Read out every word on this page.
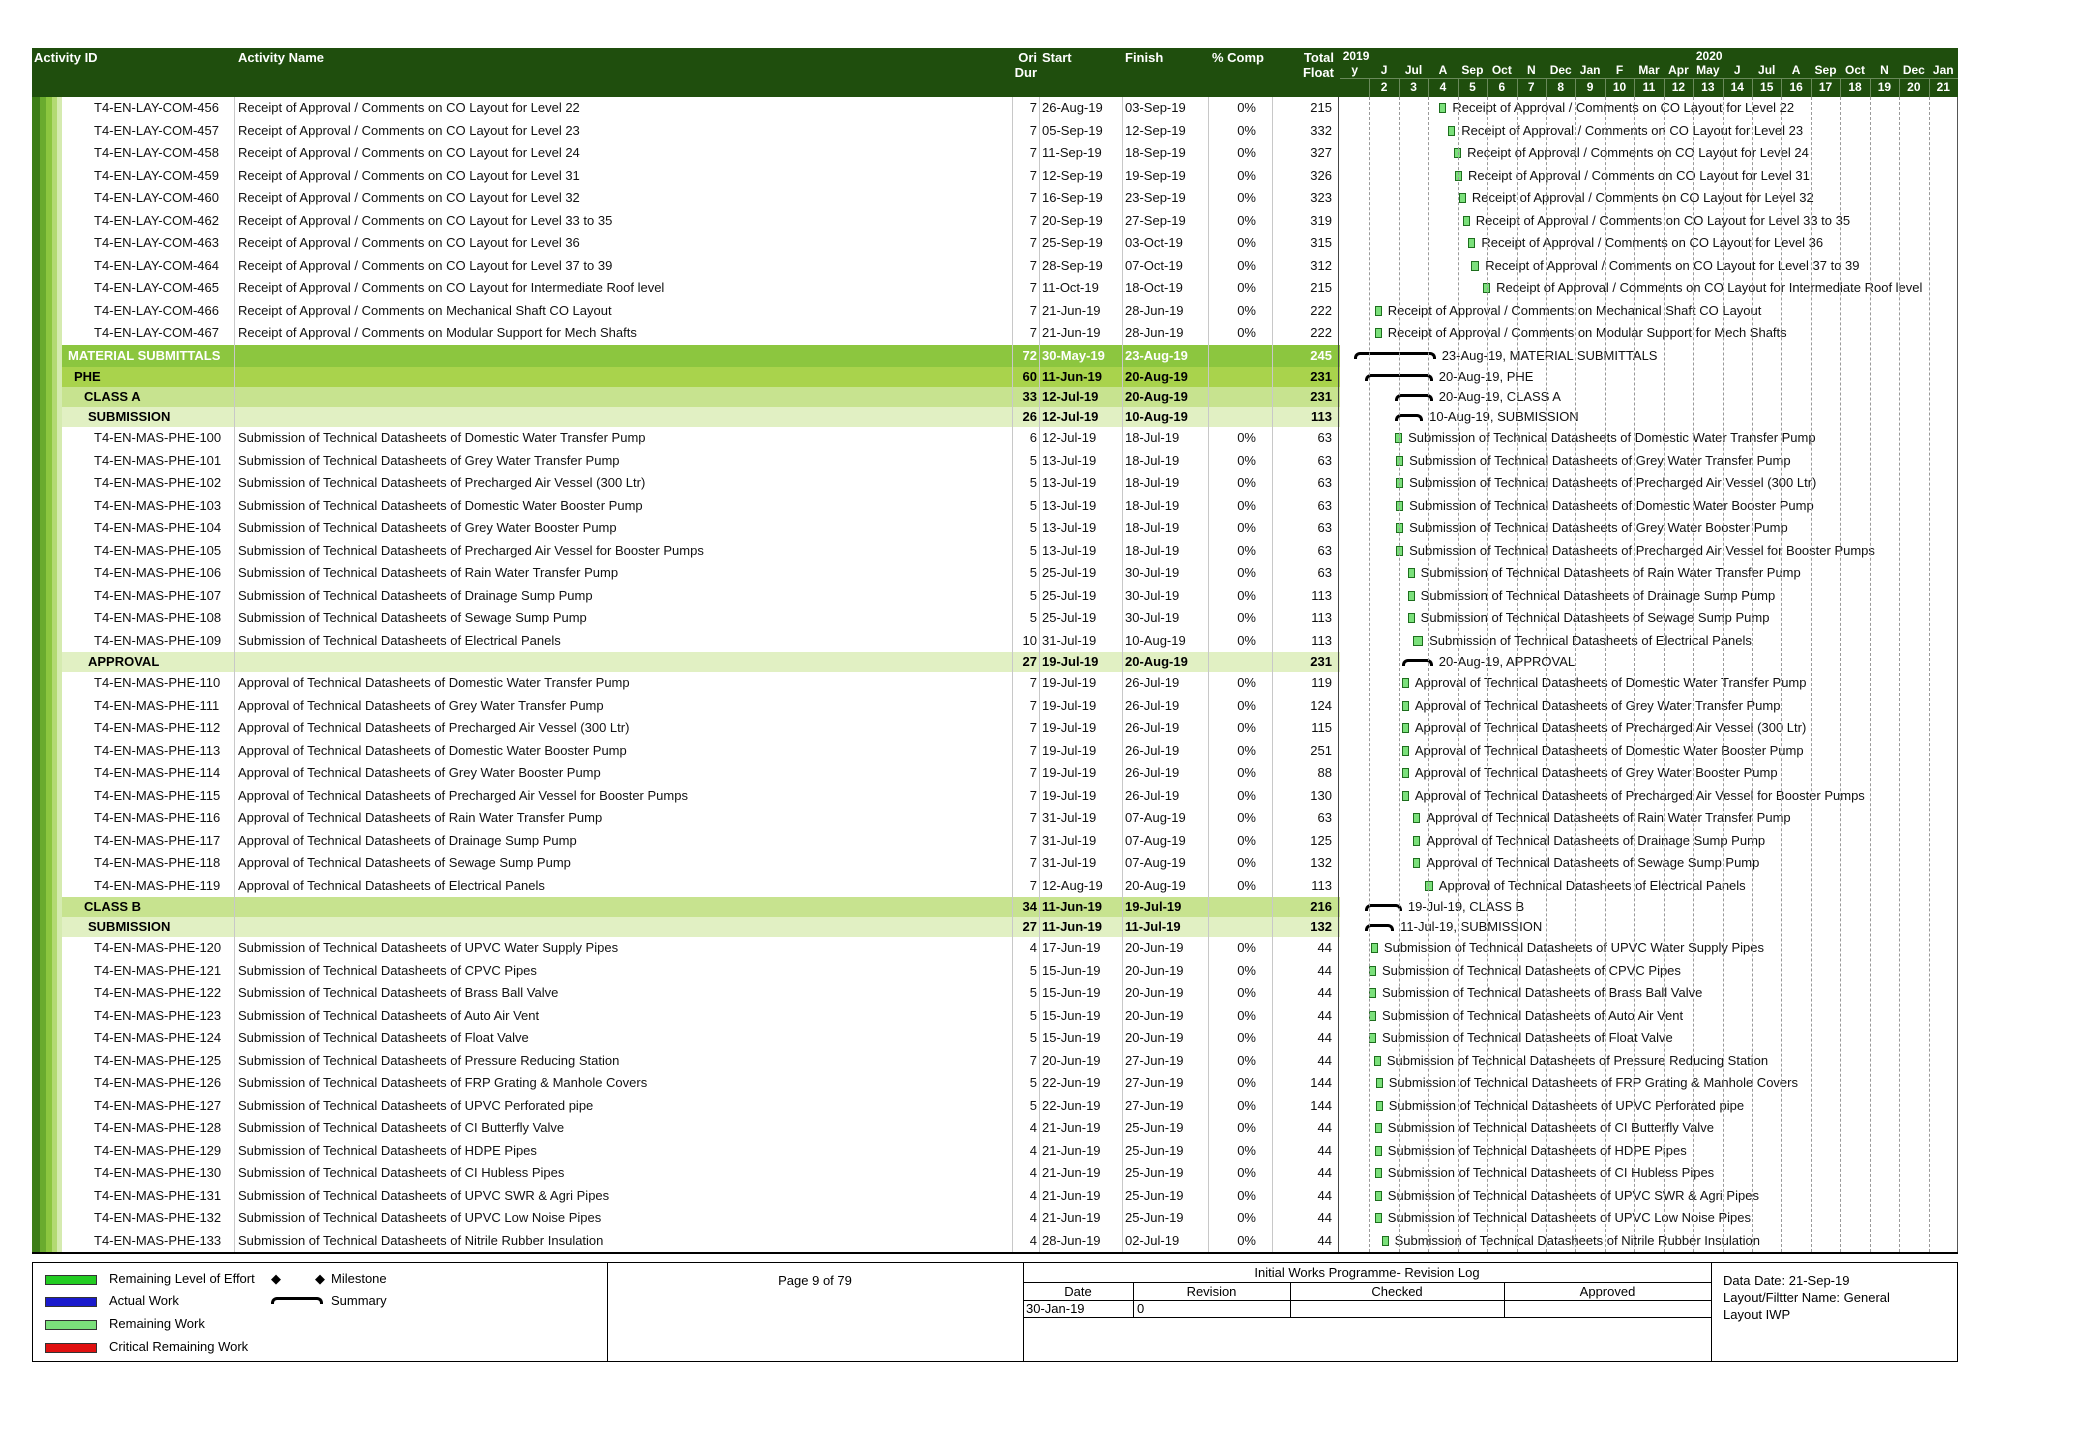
Activity ID	Activity Name	Ori
Dur
Start	Finish	% Comp	Total
Float
2019	2020	2021
y	J
2
Jul
3
A
4
Sep
5
Oct
6
N
7
Dec
8
Jan
9
F
10
Mar
11
Apr
12
May
13
J
14
Jul
15
A
16
Sep
17
Oct
18
N
19
Dec
20
Jan
21
T4-EN-LAY-COM-456	Receipt of Approval / Comments on CO Layout for Level 22	7 26-Aug-19	03-Sep-19	0%	215	Receipt of Approval / Comments on CO Layout for Level 22
T4-EN-LAY-COM-457	Receipt of Approval / Comments on CO Layout for Level 23	7 05-Sep-19	12-Sep-19	0%	332	Receipt of Approval / Comments on CO Layout for Level 23
T4-EN-LAY-COM-458	Receipt of Approval / Comments on CO Layout for Level 24	7 11-Sep-19	18-Sep-19	0%	327	Receipt of Approval / Comments on CO Layout for Level 24
T4-EN-LAY-COM-459	Receipt of Approval / Comments on CO Layout for Level 31	7 12-Sep-19	19-Sep-19	0%	326	Receipt of Approval / Comments on CO Layout for Level 31
T4-EN-LAY-COM-460	Receipt of Approval / Comments on CO Layout for Level 32	7 16-Sep-19	23-Sep-19	0%	323	Receipt of Approval / Comments on CO Layout for Level 32
T4-EN-LAY-COM-462	Receipt of Approval / Comments on CO Layout for Level 33 to 35	7 20-Sep-19	27-Sep-19	0%	319	Receipt of Approval / Comments on CO Layout for Level 33 to 35
T4-EN-LAY-COM-463	Receipt of Approval / Comments on CO Layout for Level 36	7 25-Sep-19	03-Oct-19	0%	315	Receipt of Approval / Comments on CO Layout for Level 36
T4-EN-LAY-COM-464	Receipt of Approval / Comments on CO Layout for Level 37 to 39	7 28-Sep-19	07-Oct-19	0%	312	Receipt of Approval / Comments on CO Layout for Level 37 to 39
T4-EN-LAY-COM-465	Receipt of Approval / Comments on CO Layout for Intermediate Roof level	7 11-Oct-19	18-Oct-19	0%	215	Receipt of Approval / Comments on CO Layout for Intermediate Roof level
T4-EN-LAY-COM-466	Receipt of Approval / Comments on Mechanical Shaft CO Layout	7 21-Jun-19	28-Jun-19	0%	222	Receipt of Approval / Comments on Mechanical Shaft CO Layout
T4-EN-LAY-COM-467	Receipt of Approval / Comments on Modular Support for Mech Shafts	7 21-Jun-19	28-Jun-19	0%	222	Receipt of Approval / Comments on Modular Support for Mech Shafts
MATERIAL SUBMITTALS	72 30-May-19	23-Aug-19	245	23-Aug-19, MATERIAL SUBMITTALS
PHE	60 11-Jun-19	20-Aug-19	231	20-Aug-19, PHE
CLASS A	33 12-Jul-19	20-Aug-19	231	20-Aug-19, CLASS A
SUBMISSION	26 12-Jul-19	10-Aug-19	113	10-Aug-19, SUBMISSION
T4-EN-MAS-PHE-100	Submission of Technical Datasheets of Domestic Water Transfer Pump	6 12-Jul-19	18-Jul-19	0%	63	Submission of Technical Datasheets of Domestic Water Transfer Pump
T4-EN-MAS-PHE-101	Submission of Technical Datasheets of Grey Water Transfer Pump	5 13-Jul-19	18-Jul-19	0%	63	Submission of Technical Datasheets of Grey Water Transfer Pump
T4-EN-MAS-PHE-102	Submission of Technical Datasheets of Precharged Air Vessel (300 Ltr)	5 13-Jul-19	18-Jul-19	0%	63	Submission of Technical Datasheets of Precharged Air Vessel (300 Ltr)
T4-EN-MAS-PHE-103	Submission of Technical Datasheets of Domestic Water Booster Pump	5 13-Jul-19	18-Jul-19	0%	63	Submission of Technical Datasheets of Domestic Water Booster Pump
T4-EN-MAS-PHE-104	Submission of Technical Datasheets of Grey Water Booster Pump	5 13-Jul-19	18-Jul-19	0%	63	Submission of Technical Datasheets of Grey Water Booster Pump
T4-EN-MAS-PHE-105	Submission of Technical Datasheets of Precharged Air Vessel for Booster Pumps	5 13-Jul-19	18-Jul-19	0%	63	Submission of Technical Datasheets of Precharged Air Vessel for Booster Pumps
T4-EN-MAS-PHE-106	Submission of Technical Datasheets of Rain Water Transfer Pump	5 25-Jul-19	30-Jul-19	0%	63	Submission of Technical Datasheets of Rain Water Transfer Pump
T4-EN-MAS-PHE-107	Submission of Technical Datasheets of Drainage Sump Pump	5 25-Jul-19	30-Jul-19	0%	113	Submission of Technical Datasheets of Drainage Sump Pump
T4-EN-MAS-PHE-108	Submission of Technical Datasheets of Sewage Sump Pump	5 25-Jul-19	30-Jul-19	0%	113	Submission of Technical Datasheets of Sewage Sump Pump
T4-EN-MAS-PHE-109	Submission of Technical Datasheets of Electrical Panels	10 31-Jul-19	10-Aug-19	0%	113	Submission of Technical Datasheets of Electrical Panels
APPROVAL	27 19-Jul-19	20-Aug-19	231	20-Aug-19, APPROVAL
T4-EN-MAS-PHE-110	Approval of Technical Datasheets of Domestic Water Transfer Pump	7 19-Jul-19	26-Jul-19	0%	119	Approval of Technical Datasheets of Domestic Water Transfer Pump
T4-EN-MAS-PHE-111	Approval of Technical Datasheets of Grey Water Transfer Pump	7 19-Jul-19	26-Jul-19	0%	124	Approval of Technical Datasheets of Grey Water Transfer Pump
T4-EN-MAS-PHE-112	Approval of Technical Datasheets of Precharged Air Vessel (300 Ltr)	7 19-Jul-19	26-Jul-19	0%	115	Approval of Technical Datasheets of Precharged Air Vessel (300 Ltr)
T4-EN-MAS-PHE-113	Approval of Technical Datasheets of Domestic Water Booster Pump	7 19-Jul-19	26-Jul-19	0%	251	Approval of Technical Datasheets of Domestic Water Booster Pump
T4-EN-MAS-PHE-114	Approval of Technical Datasheets of Grey Water Booster Pump	7 19-Jul-19	26-Jul-19	0%	88	Approval of Technical Datasheets of Grey Water Booster Pump
T4-EN-MAS-PHE-115	Approval of Technical Datasheets of Precharged Air Vessel for Booster Pumps	7 19-Jul-19	26-Jul-19	0%	130	Approval of Technical Datasheets of Precharged Air Vessel for Booster Pumps
T4-EN-MAS-PHE-116	Approval of Technical Datasheets of Rain Water Transfer Pump	7 31-Jul-19	07-Aug-19	0%	63	Approval of Technical Datasheets of Rain Water Transfer Pump
T4-EN-MAS-PHE-117	Approval of Technical Datasheets of Drainage Sump Pump	7 31-Jul-19	07-Aug-19	0%	125	Approval of Technical Datasheets of Drainage Sump Pump
T4-EN-MAS-PHE-118	Approval of Technical Datasheets of Sewage Sump Pump	7 31-Jul-19	07-Aug-19	0%	132	Approval of Technical Datasheets of Sewage Sump Pump
T4-EN-MAS-PHE-119	Approval of Technical Datasheets of Electrical Panels	7 12-Aug-19	20-Aug-19	0%	113	Approval of Technical Datasheets of Electrical Panels
CLASS B	34 11-Jun-19	19-Jul-19	216	19-Jul-19, CLASS B
SUBMISSION	27 11-Jun-19	11-Jul-19	132	11-Jul-19, SUBMISSION
T4-EN-MAS-PHE-120	Submission of Technical Datasheets of UPVC Water Supply Pipes	4 17-Jun-19	20-Jun-19	0%	44	Submission of Technical Datasheets of UPVC Water Supply Pipes
T4-EN-MAS-PHE-121	Submission of Technical Datasheets of CPVC Pipes	5 15-Jun-19	20-Jun-19	0%	44	Submission of Technical Datasheets of CPVC Pipes
T4-EN-MAS-PHE-122	Submission of Technical Datasheets of Brass Ball Valve	5 15-Jun-19	20-Jun-19	0%	44	Submission of Technical Datasheets of Brass Ball Valve
T4-EN-MAS-PHE-123	Submission of Technical Datasheets of Auto Air Vent	5 15-Jun-19	20-Jun-19	0%	44	Submission of Technical Datasheets of Auto Air Vent
T4-EN-MAS-PHE-124	Submission of Technical Datasheets of Float Valve	5 15-Jun-19	20-Jun-19	0%	44	Submission of Technical Datasheets of Float Valve
T4-EN-MAS-PHE-125	Submission of Technical Datasheets of Pressure Reducing Station	7 20-Jun-19	27-Jun-19	0%	44	Submission of Technical Datasheets of Pressure Reducing Station
T4-EN-MAS-PHE-126	Submission of Technical Datasheets of FRP Grating & Manhole Covers	5 22-Jun-19	27-Jun-19	0%	144	Submission of Technical Datasheets of FRP Grating & Manhole Covers
T4-EN-MAS-PHE-127	Submission of Technical Datasheets of UPVC Perforated pipe	5 22-Jun-19	27-Jun-19	0%	144	Submission of Technical Datasheets of UPVC Perforated pipe
T4-EN-MAS-PHE-128	Submission of Technical Datasheets of CI Butterfly Valve	4 21-Jun-19	25-Jun-19	0%	44	Submission of Technical Datasheets of CI Butterfly Valve
T4-EN-MAS-PHE-129	Submission of Technical Datasheets of HDPE Pipes	4 21-Jun-19	25-Jun-19	0%	44	Submission of Technical Datasheets of HDPE Pipes
T4-EN-MAS-PHE-130	Submission of Technical Datasheets of CI Hubless Pipes	4 21-Jun-19	25-Jun-19	0%	44	Submission of Technical Datasheets of CI Hubless Pipes
T4-EN-MAS-PHE-131	Submission of Technical Datasheets of UPVC SWR & Agri Pipes	4 21-Jun-19	25-Jun-19	0%	44	Submission of Technical Datasheets of UPVC SWR & Agri Pipes
T4-EN-MAS-PHE-132	Submission of Technical Datasheets of UPVC Low Noise Pipes	4 21-Jun-19	25-Jun-19	0%	44	Submission of Technical Datasheets of UPVC Low Noise Pipes
T4-EN-MAS-PHE-133	Submission of Technical Datasheets of Nitrile Rubber Insulation	4 28-Jun-19	02-Jul-19	0%	44	Submission of Technical Datasheets of Nitrile Rubber Insulation
Remaining Level of Effort ◆	◆ Milestone
Actual Work	Summary
Remaining Work
Critical Remaining Work
Page 9 of 79
Initial Works Programme- Revision Log
Date	Revision	Checked	Approved
30-Jan-19	0
Data Date: 21-Sep-19
Layout/Filtter Name: General
Layout IWP
